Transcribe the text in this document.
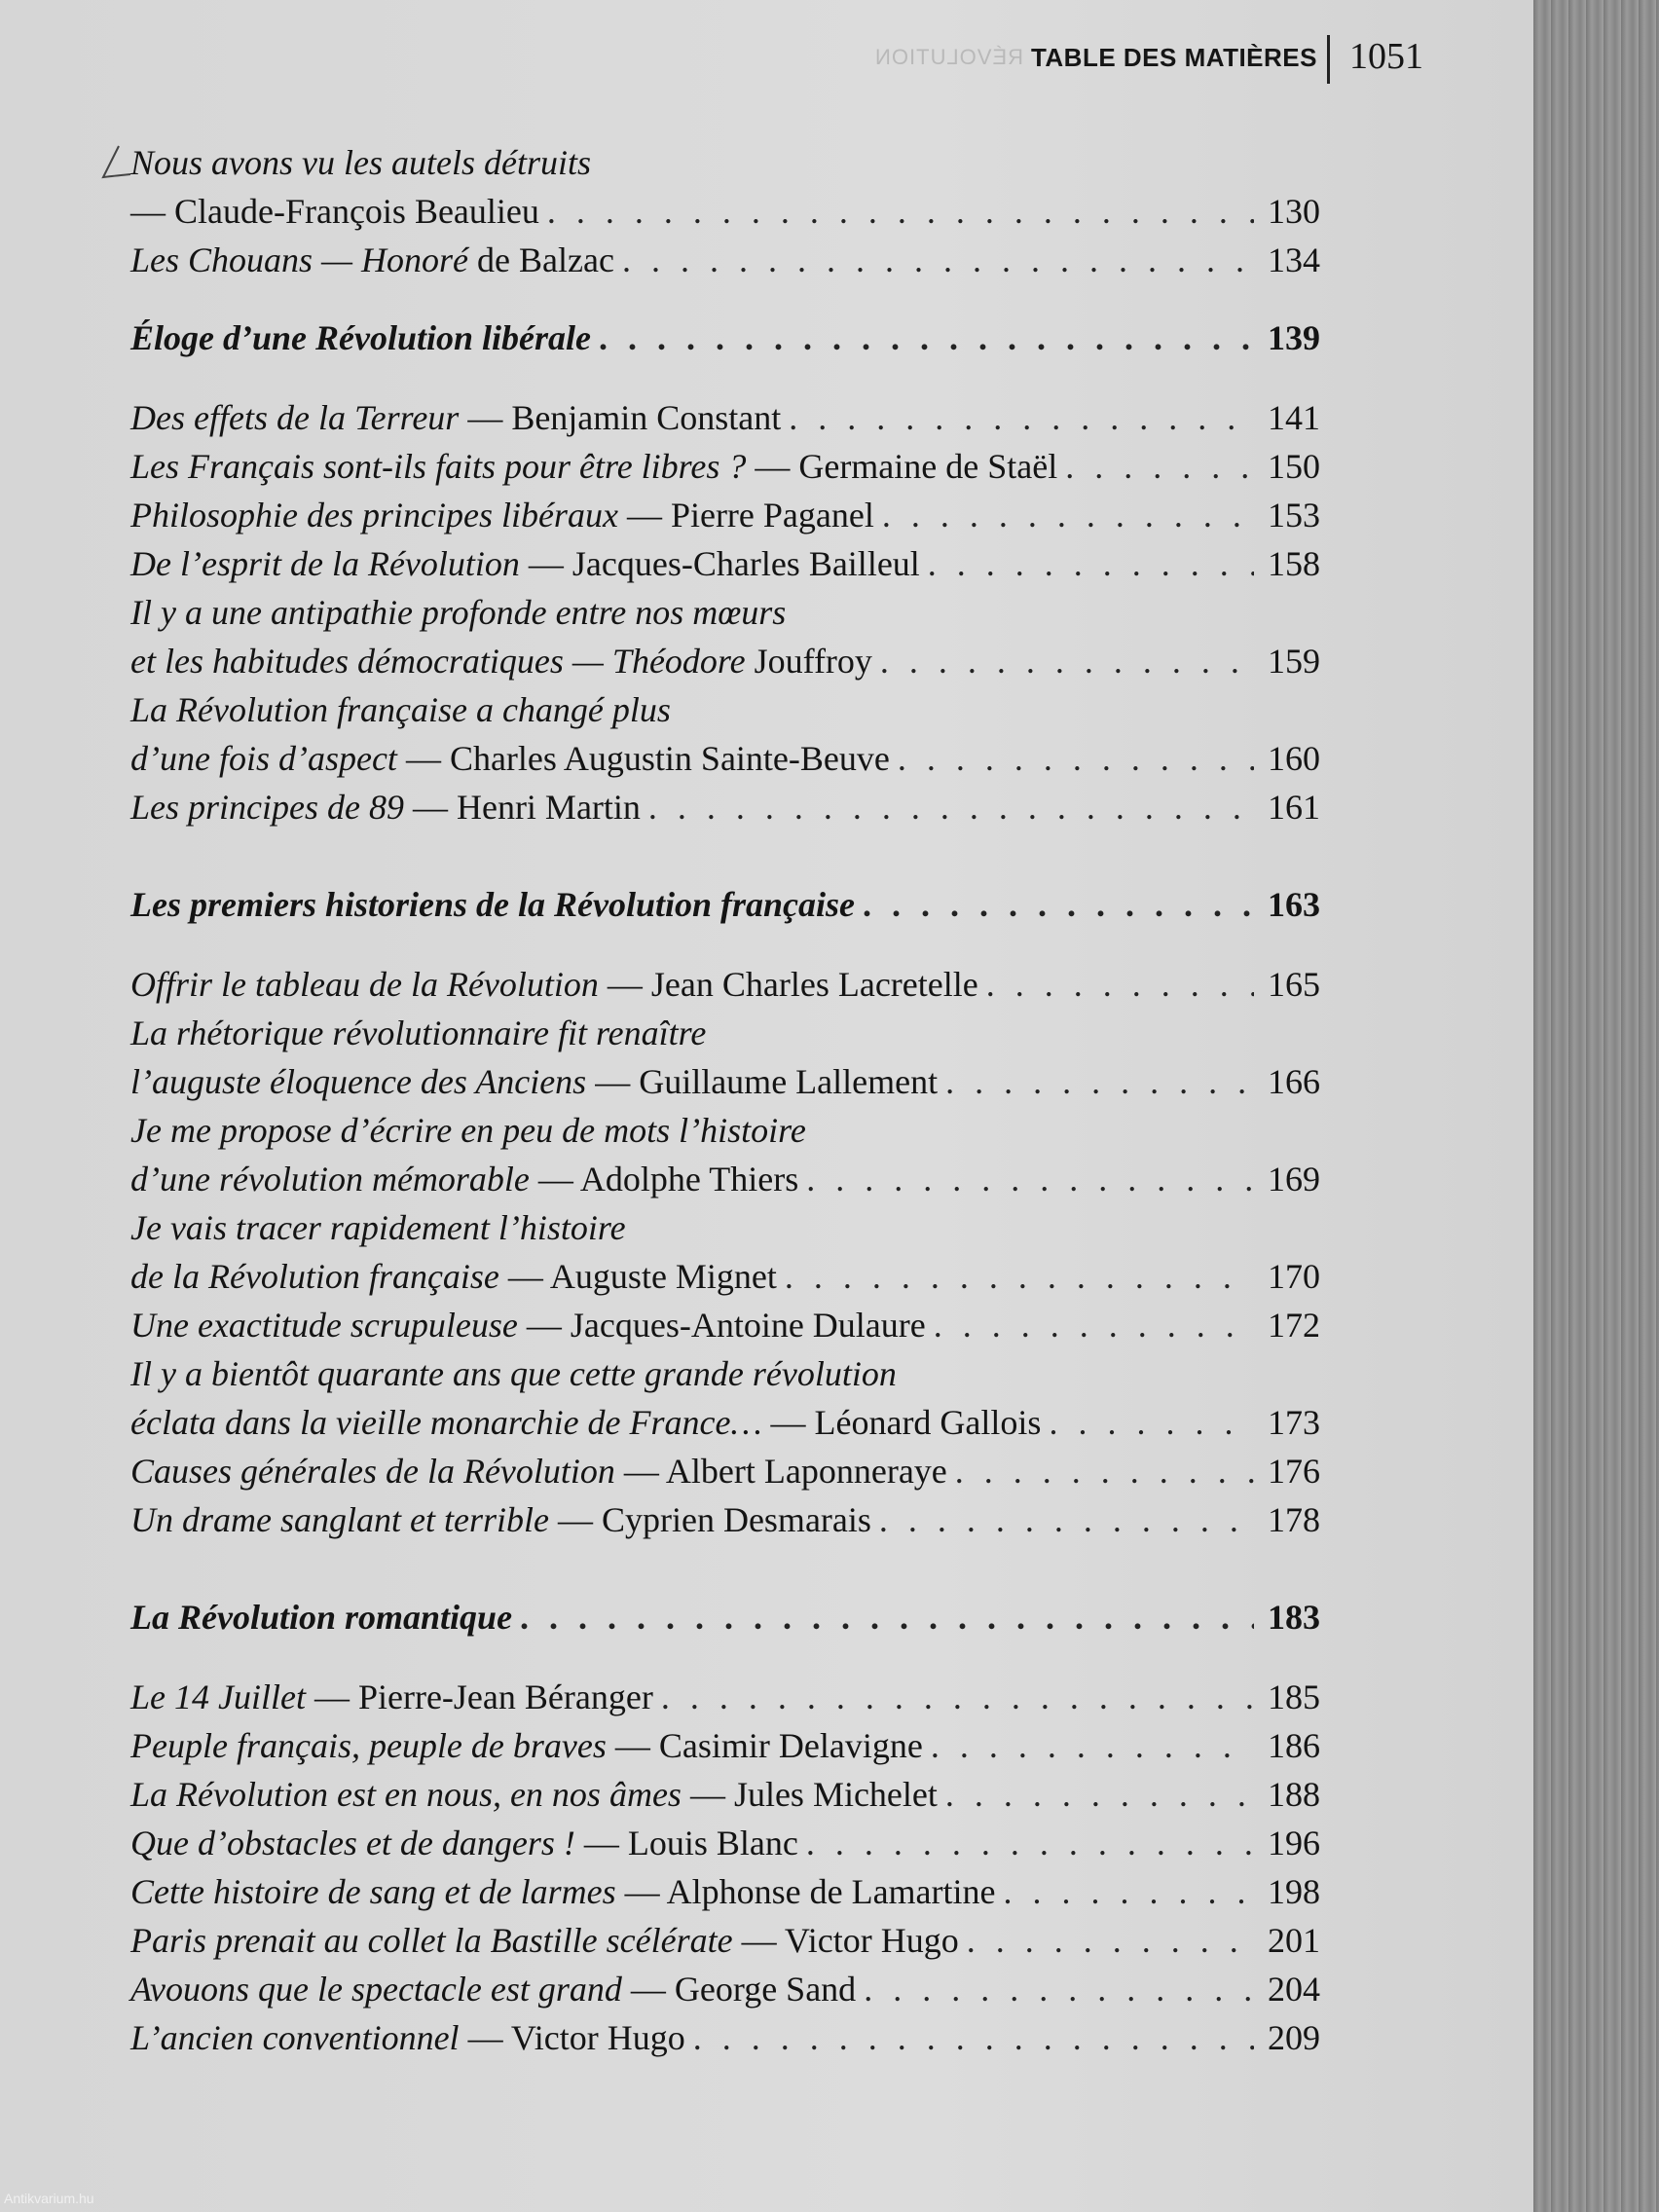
RÉVOLUTION TABLE DES MATIÈRES 1051
Nous avons vu les autels détruits
— Claude-François Beaulieu . . .	130
Les Chouans — Honoré de Balzac . . .	134
Éloge d’une Révolution libérale . . .	139
Des effets de la Terreur — Benjamin Constant . . .	141
Les Français sont-ils faits pour être libres ? — Germaine de Staël . . .	150
Philosophie des principes libéraux — Pierre Paganel . . .	153
De l’esprit de la Révolution — Jacques-Charles Bailleul . . .	158
Il y a une antipathie profonde entre nos mœurs
et les habitudes démocratiques — Théodore Jouffroy . . .	159
La Révolution française a changé plus
d’une fois d’aspect — Charles Augustin Sainte-Beuve . . .	160
Les principes de 89 — Henri Martin . . .	161
Les premiers historiens de la Révolution française . . .	163
Offrir le tableau de la Révolution — Jean Charles Lacretelle . . .	165
La rhétorique révolutionnaire fit renaître
l’auguste éloquence des Anciens — Guillaume Lallement . . .	166
Je me propose d’écrire en peu de mots l’histoire
d’une révolution mémorable — Adolphe Thiers . . .	169
Je vais tracer rapidement l’histoire
de la Révolution française — Auguste Mignet . . .	170
Une exactitude scrupuleuse — Jacques-Antoine Dulaure . . .	172
Il y a bientôt quarante ans que cette grande révolution
éclata dans la vieille monarchie de France… — Léonard Gallois . . .	173
Causes générales de la Révolution — Albert Laponneraye . . .	176
Un drame sanglant et terrible — Cyprien Desmarais . . .	178
La Révolution romantique . . .	183
Le 14 Juillet — Pierre-Jean Béranger . . .	185
Peuple français, peuple de braves — Casimir Delavigne . . .	186
La Révolution est en nous, en nos âmes — Jules Michelet . . .	188
Que d’obstacles et de dangers ! — Louis Blanc . . .	196
Cette histoire de sang et de larmes — Alphonse de Lamartine . . .	198
Paris prenait au collet la Bastille scélérate — Victor Hugo . . .	201
Avouons que le spectacle est grand — George Sand . . .	204
L’ancien conventionnel — Victor Hugo . . .	209
Antikvarium.hu
